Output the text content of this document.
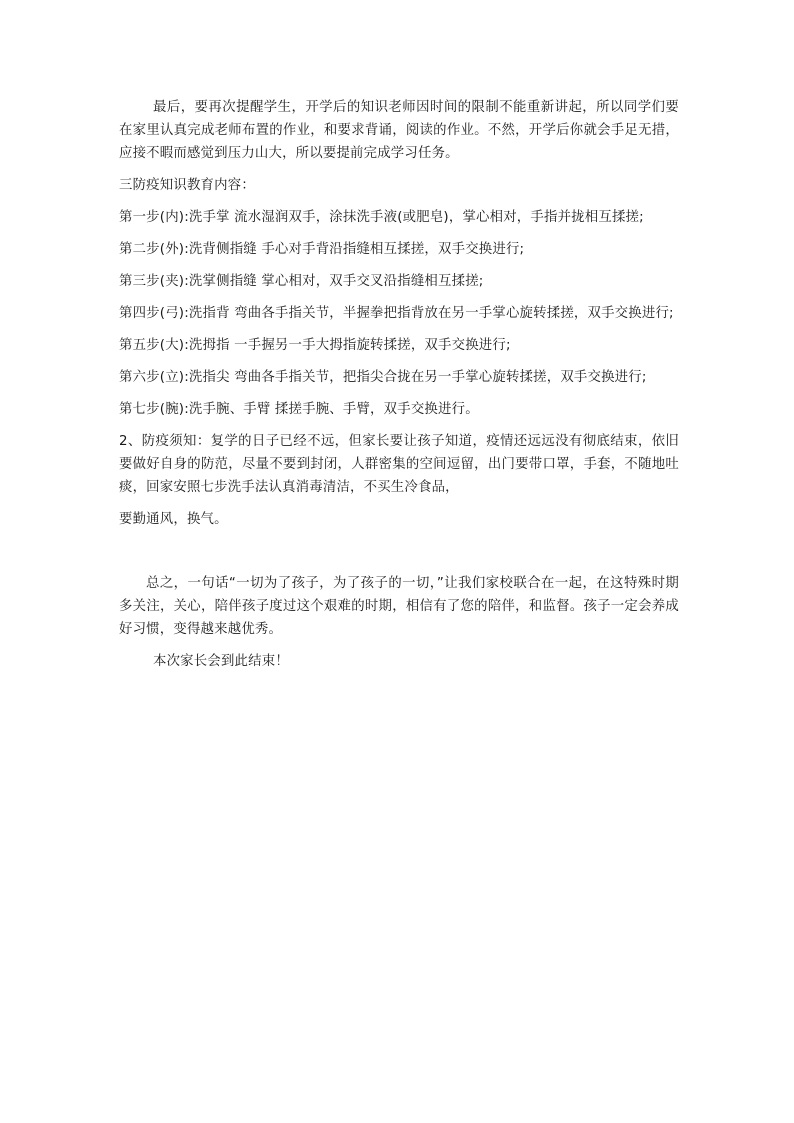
最后，要再次提醒学生，开学后的知识老师因时间的限制不能重新讲起，所以同学们要在家里认真完成老师布置的作业，和要求背诵，阅读的作业。不然，开学后你就会手足无措，应接不暇而感觉到压力山大，所以要提前完成学习任务。

三防疫知识教育内容：

第一步(内):洗手掌 流水湿润双手，涂抹洗手液(或肥皂)，掌心相对，手指并拢相互揉搓;

第二步(外):洗背侧指缝 手心对手背沿指缝相互揉搓，双手交换进行;

第三步(夹):洗掌侧指缝 掌心相对，双手交叉沿指缝相互揉搓;

第四步(弓):洗指背 弯曲各手指关节，半握拳把指背放在另一手掌心旋转揉搓，双手交换进行;

第五步(大):洗拇指 一手握另一手大拇指旋转揉搓，双手交换进行;

第六步(立):洗指尖 弯曲各手指关节，把指尖合拢在另一手掌心旋转揉搓，双手交换进行;

第七步(腕):洗手腕、手臂 揉搓手腕、手臂，双手交换进行。

2、防疫须知：复学的日子已经不远，但家长要让孩子知道，疫情还远远没有彻底结束，依旧要做好自身的防范，尽量不要到封闭，人群密集的空间逗留，出门要带口罩，手套，不随地吐痰，回家安照七步洗手法认真消毒清洁，不买生冷食品，

要勤通风，换气。

总之，一句话“一切为了孩子，为了孩子的一切，”让我们家校联合在一起，在这特殊时期多关注，关心，陪伴孩子度过这个艰难的时期，相信有了您的陪伴，和监督。孩子一定会养成好习惯，变得越来越优秀。

本次家长会到此结束！
